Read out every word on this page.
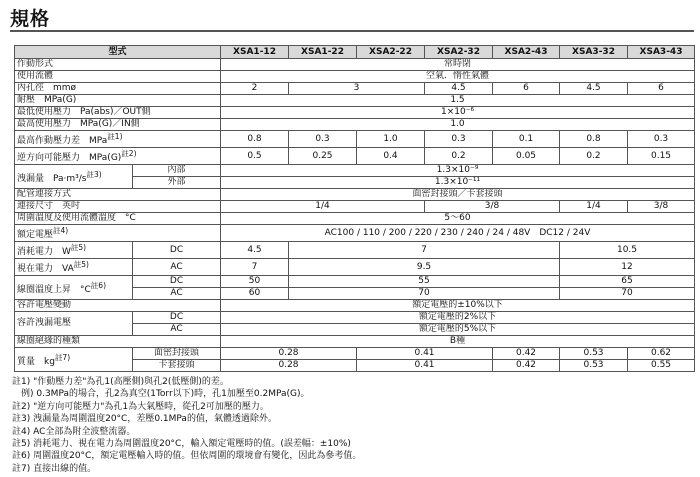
規格
型式		XSA1-12	XSA1-22	XSA2-22	XSA2-32	XSA2-43	XSA3-32	XSA3-43
作動形式		常時閉						
使用流體		空氣．惰性氣體						
內孔徑　mmø		2	3		4.5	6	4.5	6
耐壓　MPa(G)		1.5						
最低使用壓力　Pa(abs)／OUT側		1×10⁻⁶						
最高使用壓力　MPa(G)／IN側		1.0						
最高作動壓力差　MPa$^{註1)}$		0.8	0.3	1.0	0.3	0.1	0.8	0.3
逆方向可能壓力　$MPa(G)^{註2)}$		0.5	0.25	0.4	0.2	0.05	0.2	0.15
洩漏量　$Pa\cdot m^3/s^{註3)}$	內部	1.3×10⁻⁹						
	外部	1.3×10⁻¹¹						
配管連接方式		面密封接頭／卡套接頭						
連接尺寸　英吋		1/4			3/8		1/4	3/8
周圍溫度及使用流體溫度　°C		5〜60						
額定電壓$^{註4)}$		AC100 / 110 / 200 / 220 / 230 / 240 / 24 / 48V　DC12 / 24V						
消耗電力　$W^{註5)}$	DC	4.5	7				10.5	
視在電力　VA$^{註5)}$	AC	7	9.5				12	
線圈溫度上昇　$^\circ C^{註6)}$	DC	50	55				65	
	AC	60	70				70	
容許電壓變動		額定電壓的±10%以下						
容許洩漏電壓	DC	額定電壓的2%以下						
	AC	額定電壓的5%以下						
線圈絕緣的種類		B種						
質量　$kg^{註7)}$	面密封接頭	0.28		0.41		0.42	0.53	0.62
	卡套接頭	0.28		0.41		0.42	0.53	0.55
註1) "作動壓力差"為孔1(高壓側)與孔2(低壓側)的差。
　例) 0.3MPa的場合，孔2為真空(1Torr以下)時，孔1加壓至0.2MPa(G)。
註2) "逆方向可能壓力"為孔1為大氣壓時，從孔2可加壓的壓力。
註3) 洩漏量為周圍溫度20°C，差壓0.1MPa的值，氣體透過除外。
註4) AC全部為附全波整流器。
註5) 消耗電力、視在電力為周圍溫度20°C，輸入額定電壓時的值。(誤差幅：±10%)
註6) 周圍溫度20°C，額定電壓輸入時的值。但依周圍的環境會有變化，因此為參考值。
註7) 直接出線的值。
